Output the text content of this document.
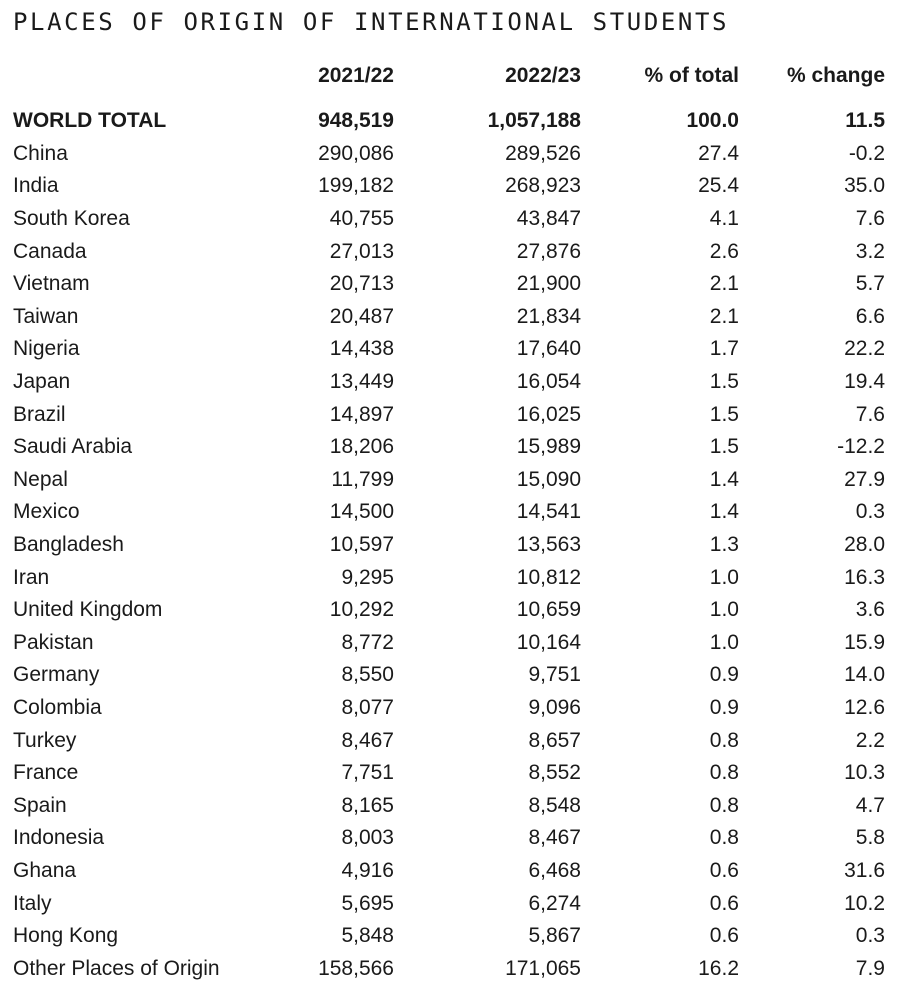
PLACES OF ORIGIN OF INTERNATIONAL STUDENTS
	2021/22	2022/23	% of total	% change

WORLD TOTAL	948,519	1,057,188	100.0	11.5
China	290,086	289,526	27.4	-0.2
India	199,182	268,923	25.4	35.0
South Korea	40,755	43,847	4.1	7.6
Canada	27,013	27,876	2.6	3.2
Vietnam	20,713	21,900	2.1	5.7
Taiwan	20,487	21,834	2.1	6.6
Nigeria	14,438	17,640	1.7	22.2
Japan	13,449	16,054	1.5	19.4
Brazil	14,897	16,025	1.5	7.6
Saudi Arabia	18,206	15,989	1.5	-12.2
Nepal	11,799	15,090	1.4	27.9
Mexico	14,500	14,541	1.4	0.3
Bangladesh	10,597	13,563	1.3	28.0
Iran	9,295	10,812	1.0	16.3
United Kingdom	10,292	10,659	1.0	3.6
Pakistan	8,772	10,164	1.0	15.9
Germany	8,550	9,751	0.9	14.0
Colombia	8,077	9,096	0.9	12.6
Turkey	8,467	8,657	0.8	2.2
France	7,751	8,552	0.8	10.3
Spain	8,165	8,548	0.8	4.7
Indonesia	8,003	8,467	0.8	5.8
Ghana	4,916	6,468	0.6	31.6
Italy	5,695	6,274	0.6	10.2
Hong Kong	5,848	5,867	0.6	0.3
Other Places of Origin	158,566	171,065	16.2	7.9
